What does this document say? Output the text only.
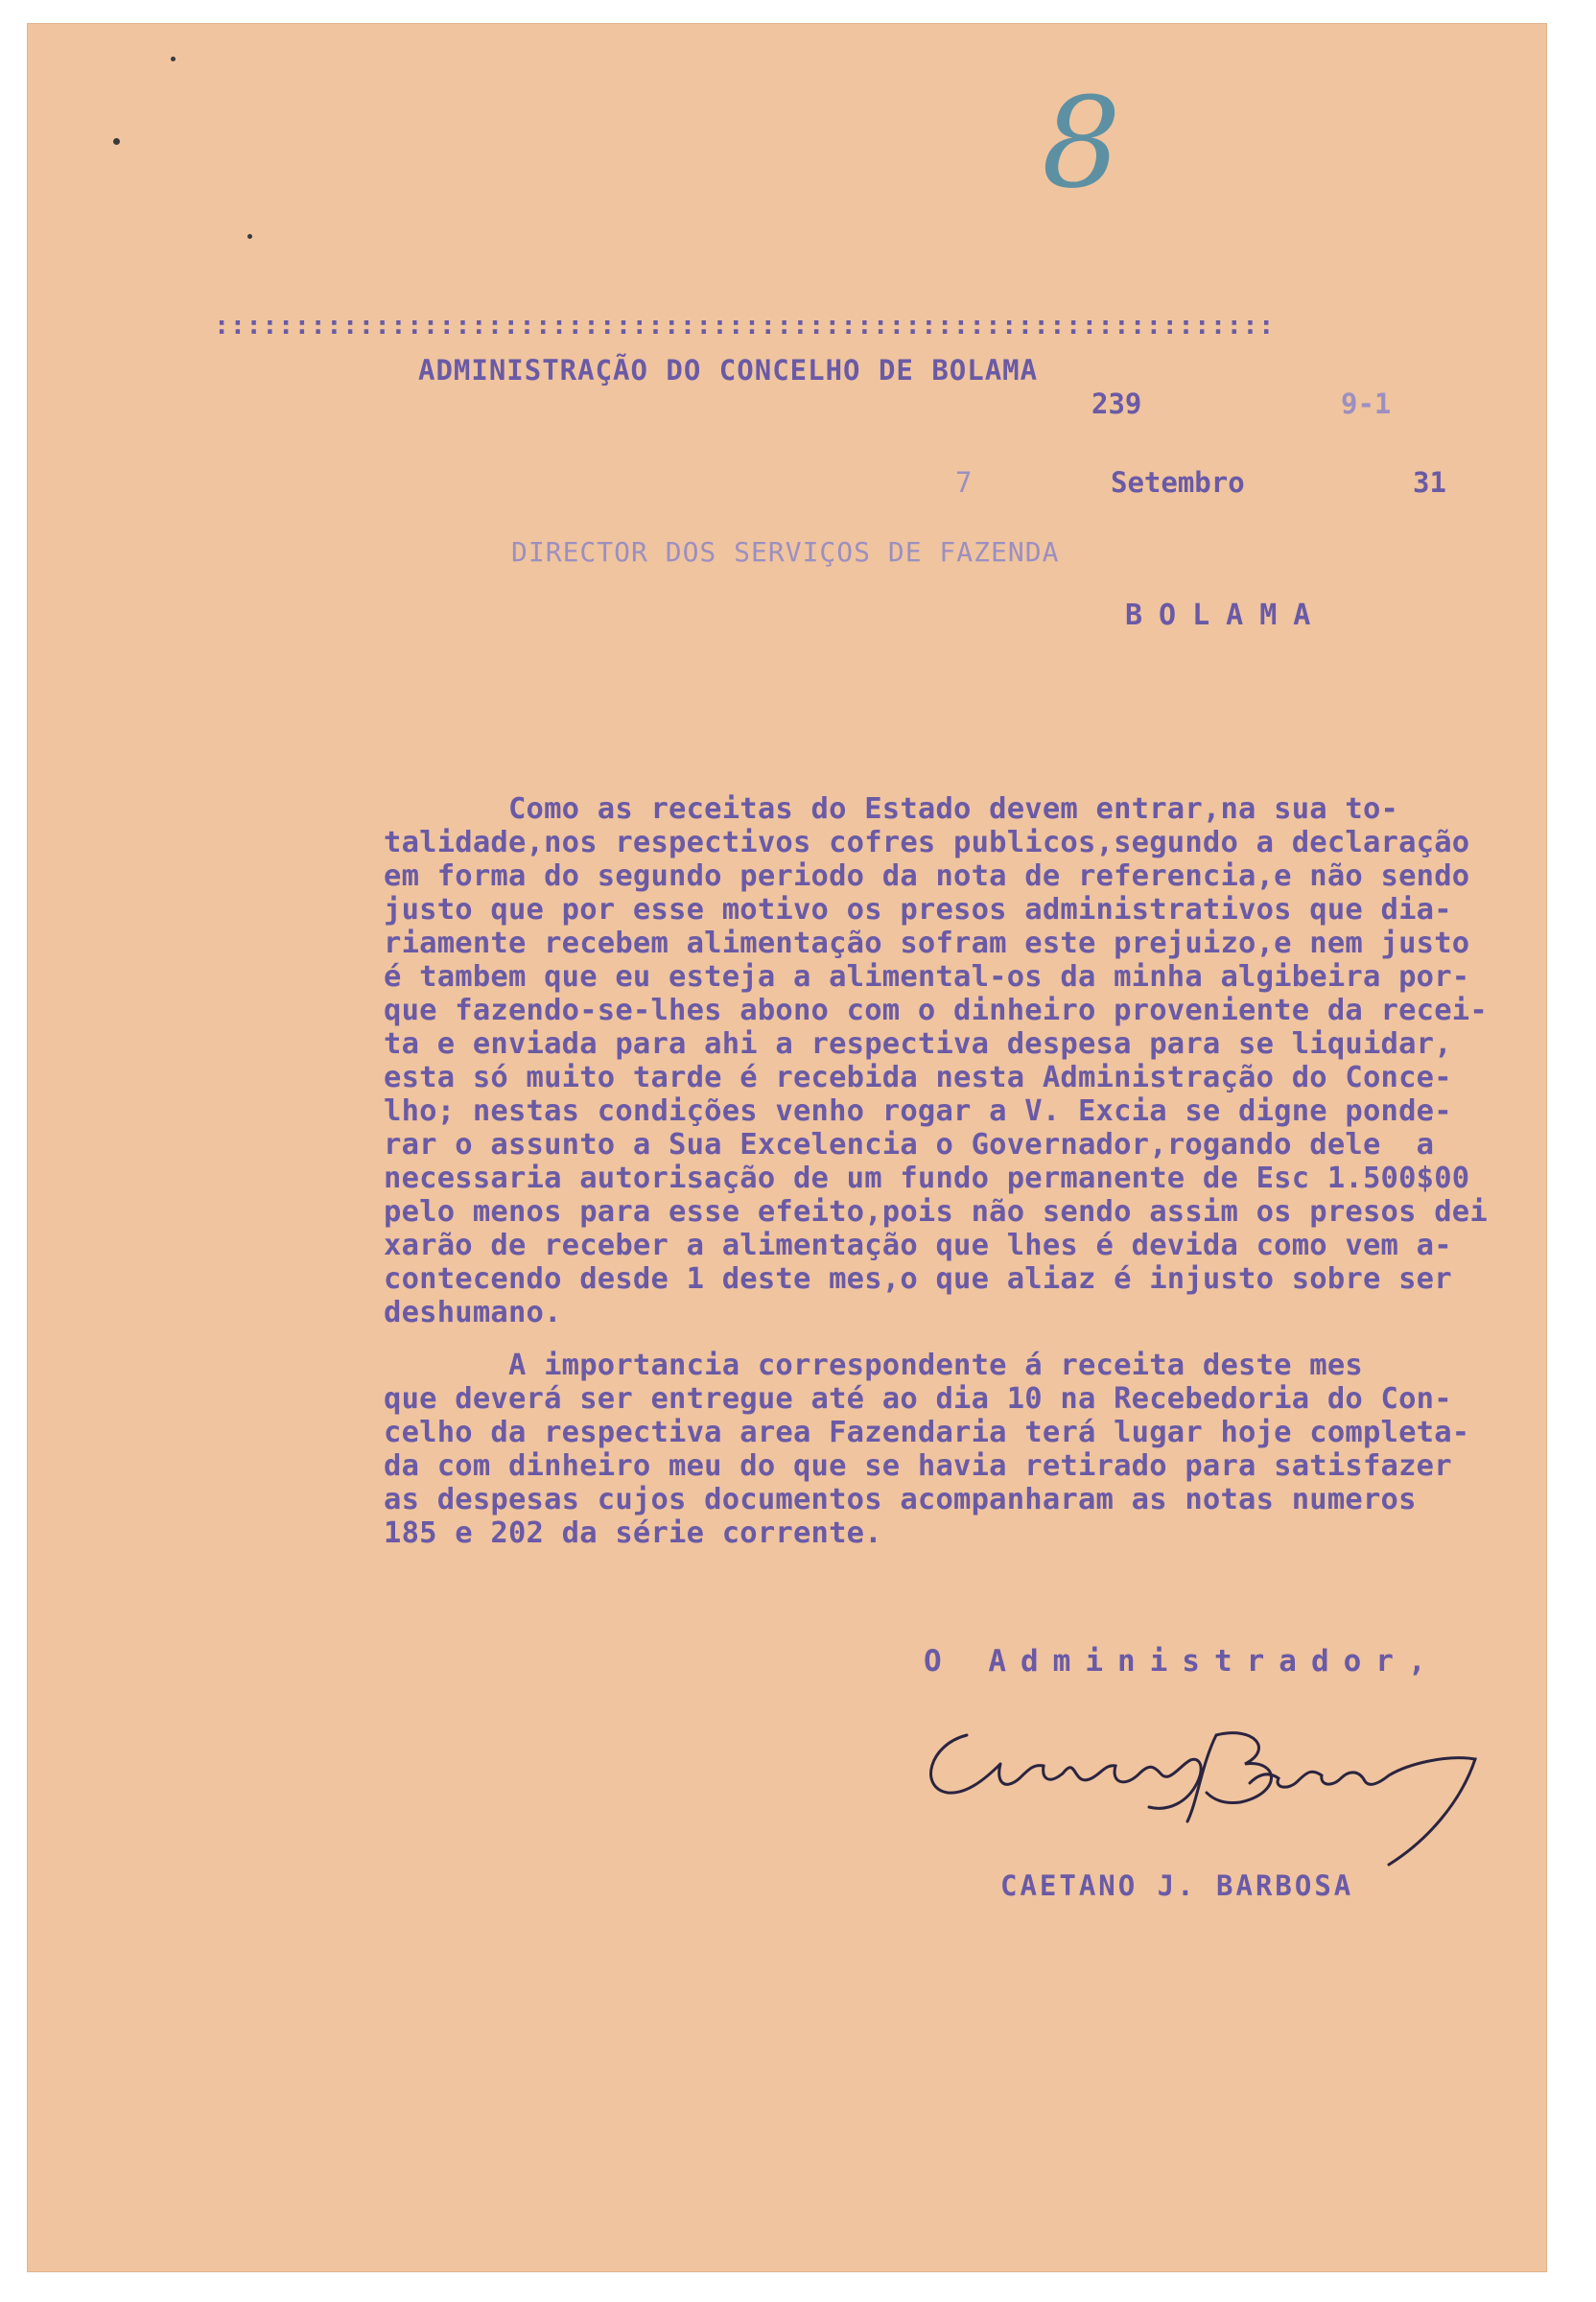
8
::::::::::::::::::::::::::::::::::::::::::::::::::::::::::::::::::
ADMINISTRAÇÃO DO CONCELHO DE BOLAMA
239	9-1
7	Setembro	31
DIRECTOR DOS SERVIÇOS DE FAZENDA
BOLAMA
Como as receitas do Estado devem entrar,na sua to-
talidade,nos respectivos cofres publicos,segundo a declaração
em forma do segundo periodo da nota de referencia,e não sendo
justo que por esse motivo os presos administrativos que dia-
riamente recebem alimentação sofram este prejuizo,e nem justo
é tambem que eu esteja a alimental-os da minha algibeira por-
que fazendo-se-lhes abono com o dinheiro proveniente da recei-
ta e enviada para ahi a respectiva despesa para se liquidar,
esta só muito tarde é recebida nesta Administração do Conce-
lho; nestas condições venho rogar a V. Excia se digne ponde-
rar o assunto a Sua Excelencia o Governador,rogando dele  a
necessaria autorisação de um fundo permanente de Esc 1.500$00
pelo menos para esse efeito,pois não sendo assim os presos dei
xarão de receber a alimentação que lhes é devida como vem a-
contecendo desde 1 deste mes,o que aliaz é injusto sobre ser
deshumano.
A importancia correspondente á receita deste mes
que deverá ser entregue até ao dia 10 na Recebedoria do Con-
celho da respectiva area Fazendaria terá lugar hoje completa-
da com dinheiro meu do que se havia retirado para satisfazer
as despesas cujos documentos acompanharam as notas numeros
185 e 202 da série corrente.
O Administrador,
CAETANO J. BARBOSA
